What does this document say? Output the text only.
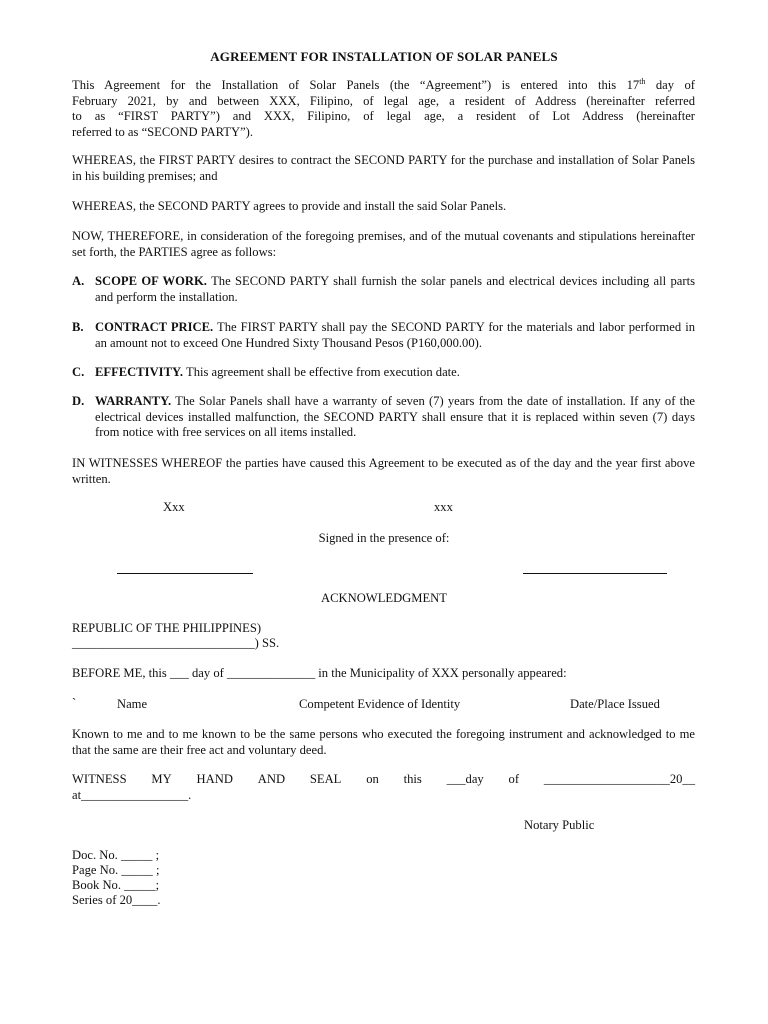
AGREEMENT FOR INSTALLATION OF SOLAR PANELS
This Agreement for the Installation of Solar Panels (the “Agreement”) is entered into this 17th day of
February 2021, by and between XXX, Filipino, of legal age, a resident of Address (hereinafter referred
to as “FIRST PARTY”) and XXX, Filipino, of legal age, a resident of Lot Address (hereinafter
referred to as “SECOND PARTY”).
WHEREAS, the FIRST PARTY desires to contract the SECOND PARTY for the purchase and installation of Solar Panels in his building premises; and
WHEREAS, the SECOND PARTY agrees to provide and install the said Solar Panels.
NOW, THEREFORE, in consideration of the foregoing premises, and of the mutual covenants and stipulations hereinafter set forth, the PARTIES agree as follows:
A. SCOPE OF WORK. The SECOND PARTY shall furnish the solar panels and electrical devices including all parts and perform the installation.
B. CONTRACT PRICE. The FIRST PARTY shall pay the SECOND PARTY for the materials and labor performed in an amount not to exceed One Hundred Sixty Thousand Pesos (P160,000.00).
C. EFFECTIVITY. This agreement shall be effective from execution date.
D. WARRANTY. The Solar Panels shall have a warranty of seven (7) years from the date of installation. If any of the electrical devices installed malfunction, the SECOND PARTY shall ensure that it is replaced within seven (7) days from notice with free services on all items installed.
IN WITNESSES WHEREOF the parties have caused this Agreement to be executed as of the day and the year first above written.
Xxx	xxx
Signed in the presence of:
ACKNOWLEDGMENT
REPUBLIC OF THE PHILIPPINES)
_____________________________) SS.
BEFORE ME, this ___ day of ______________ in the Municipality of XXX personally appeared:
`	Name	Competent Evidence of Identity	Date/Place Issued
Known to me and to me known to be the same persons who executed the foregoing instrument and acknowledged to me that the same are their free act and voluntary deed.
WITNESS MY HAND AND SEAL on this ___day of ____________________20__
at_________________.
Notary Public
Doc. No. _____ ;
Page No. _____ ;
Book No. _____;
Series of 20____.
